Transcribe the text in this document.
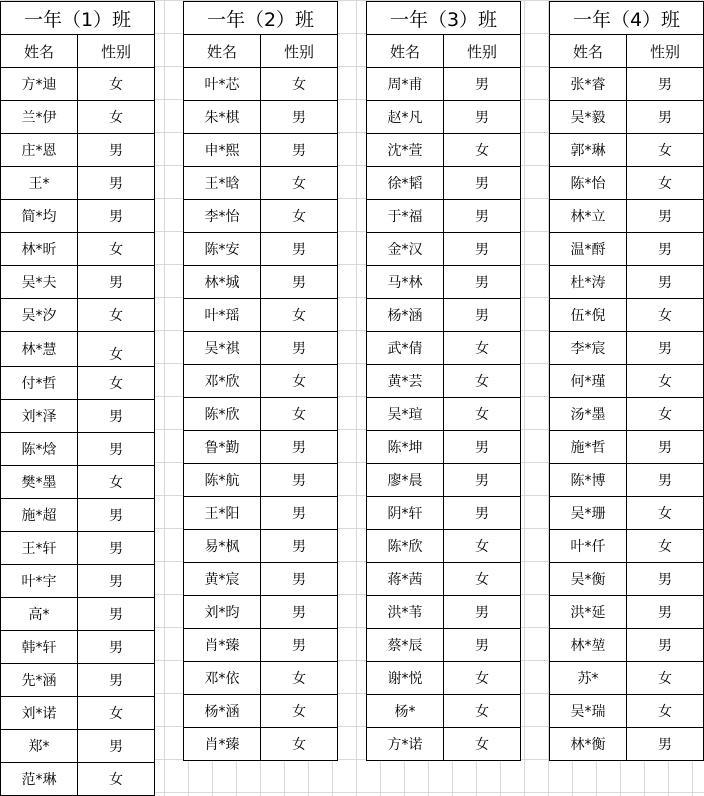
一年（1）班	
姓名	性别
方*迪	女
兰*伊	女
庄*恩	男
王*	男
简*均	男
林*昕	女
吴*夫	男
吴*汐	女
林*慧	女
付*哲	女
刘*泽	男
陈*焓	男
樊*墨	女
施*超	男
王*轩	男
叶*宇	男
高*	男
韩*轩	男
先*涵	男
刘*诺	女
郑*	男
范*琳	女
一年（2）班	
姓名	性别
叶*芯	女
朱*棋	男
申*熙	男
王*晗	女
李*怡	女
陈*安	男
林*城	男
叶*瑶	女
吴*祺	男
邓*欣	女
陈*欣	女
鲁*勤	男
陈*航	男
王*阳	男
易*枫	男
黄*宸	男
刘*昀	男
肖*臻	男
邓*依	女
杨*涵	女
肖*臻	女
一年（3）班	
姓名	性别
周*甫	男
赵*凡	男
沈*萱	女
徐*韬	男
于*福	男
金*汉	男
马*林	男
杨*涵	男
武*倩	女
黄*芸	女
吴*瑄	女
陈*坤	男
廖*晨	男
阴*轩	男
陈*欣	女
蒋*茜	女
洪*苇	男
蔡*辰	男
谢*悦	女
杨*	女
方*诺	女
一年（4）班	
姓名	性别
张*睿	男
吴*毅	男
郭*琳	女
陈*怡	女
林*立	男
温*酹	男
杜*涛	男
伍*倪	女
李*宸	男
何*瑾	女
汤*墨	女
施*哲	男
陈*博	男
吴*珊	女
叶*仟	女
吴*衡	男
洪*延	男
林*堃	男
苏*	女
吴*瑞	女
林*衡	男
